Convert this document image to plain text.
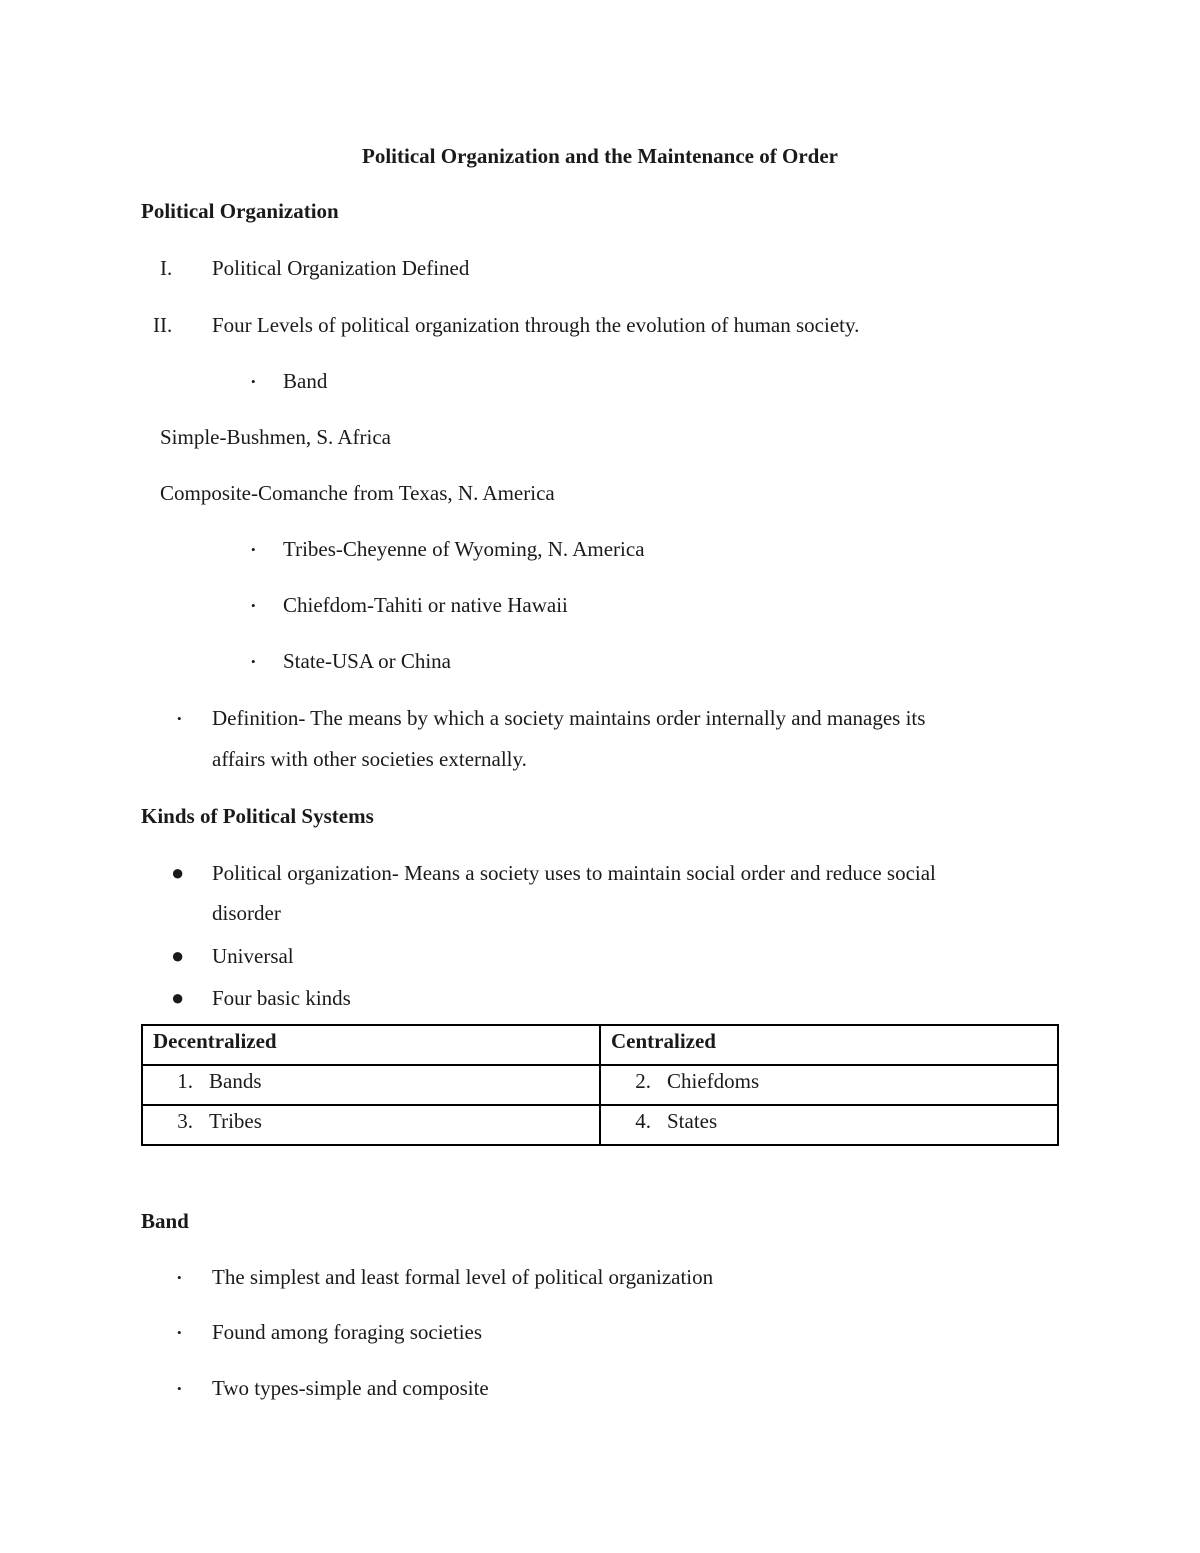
Political Organization and the Maintenance of Order
Political Organization
I. Political Organization Defined
II. Four Levels of political organization through the evolution of human society.
• Band
Simple-Bushmen, S. Africa
Composite-Comanche from Texas, N. America
• Tribes-Cheyenne of Wyoming, N. America
• Chiefdom-Tahiti or native Hawaii
• State-USA or China
• Definition- The means by which a society maintains order internally and manages its
affairs with other societies externally.
Kinds of Political Systems
● Political organization- Means a society uses to maintain social order and reduce social
disorder
● Universal
● Four basic kinds
Decentralized	Centralized
1. Bands	2. Chiefdoms
3. Tribes	4. States
Band
• The simplest and least formal level of political organization
• Found among foraging societies
• Two types-simple and composite
